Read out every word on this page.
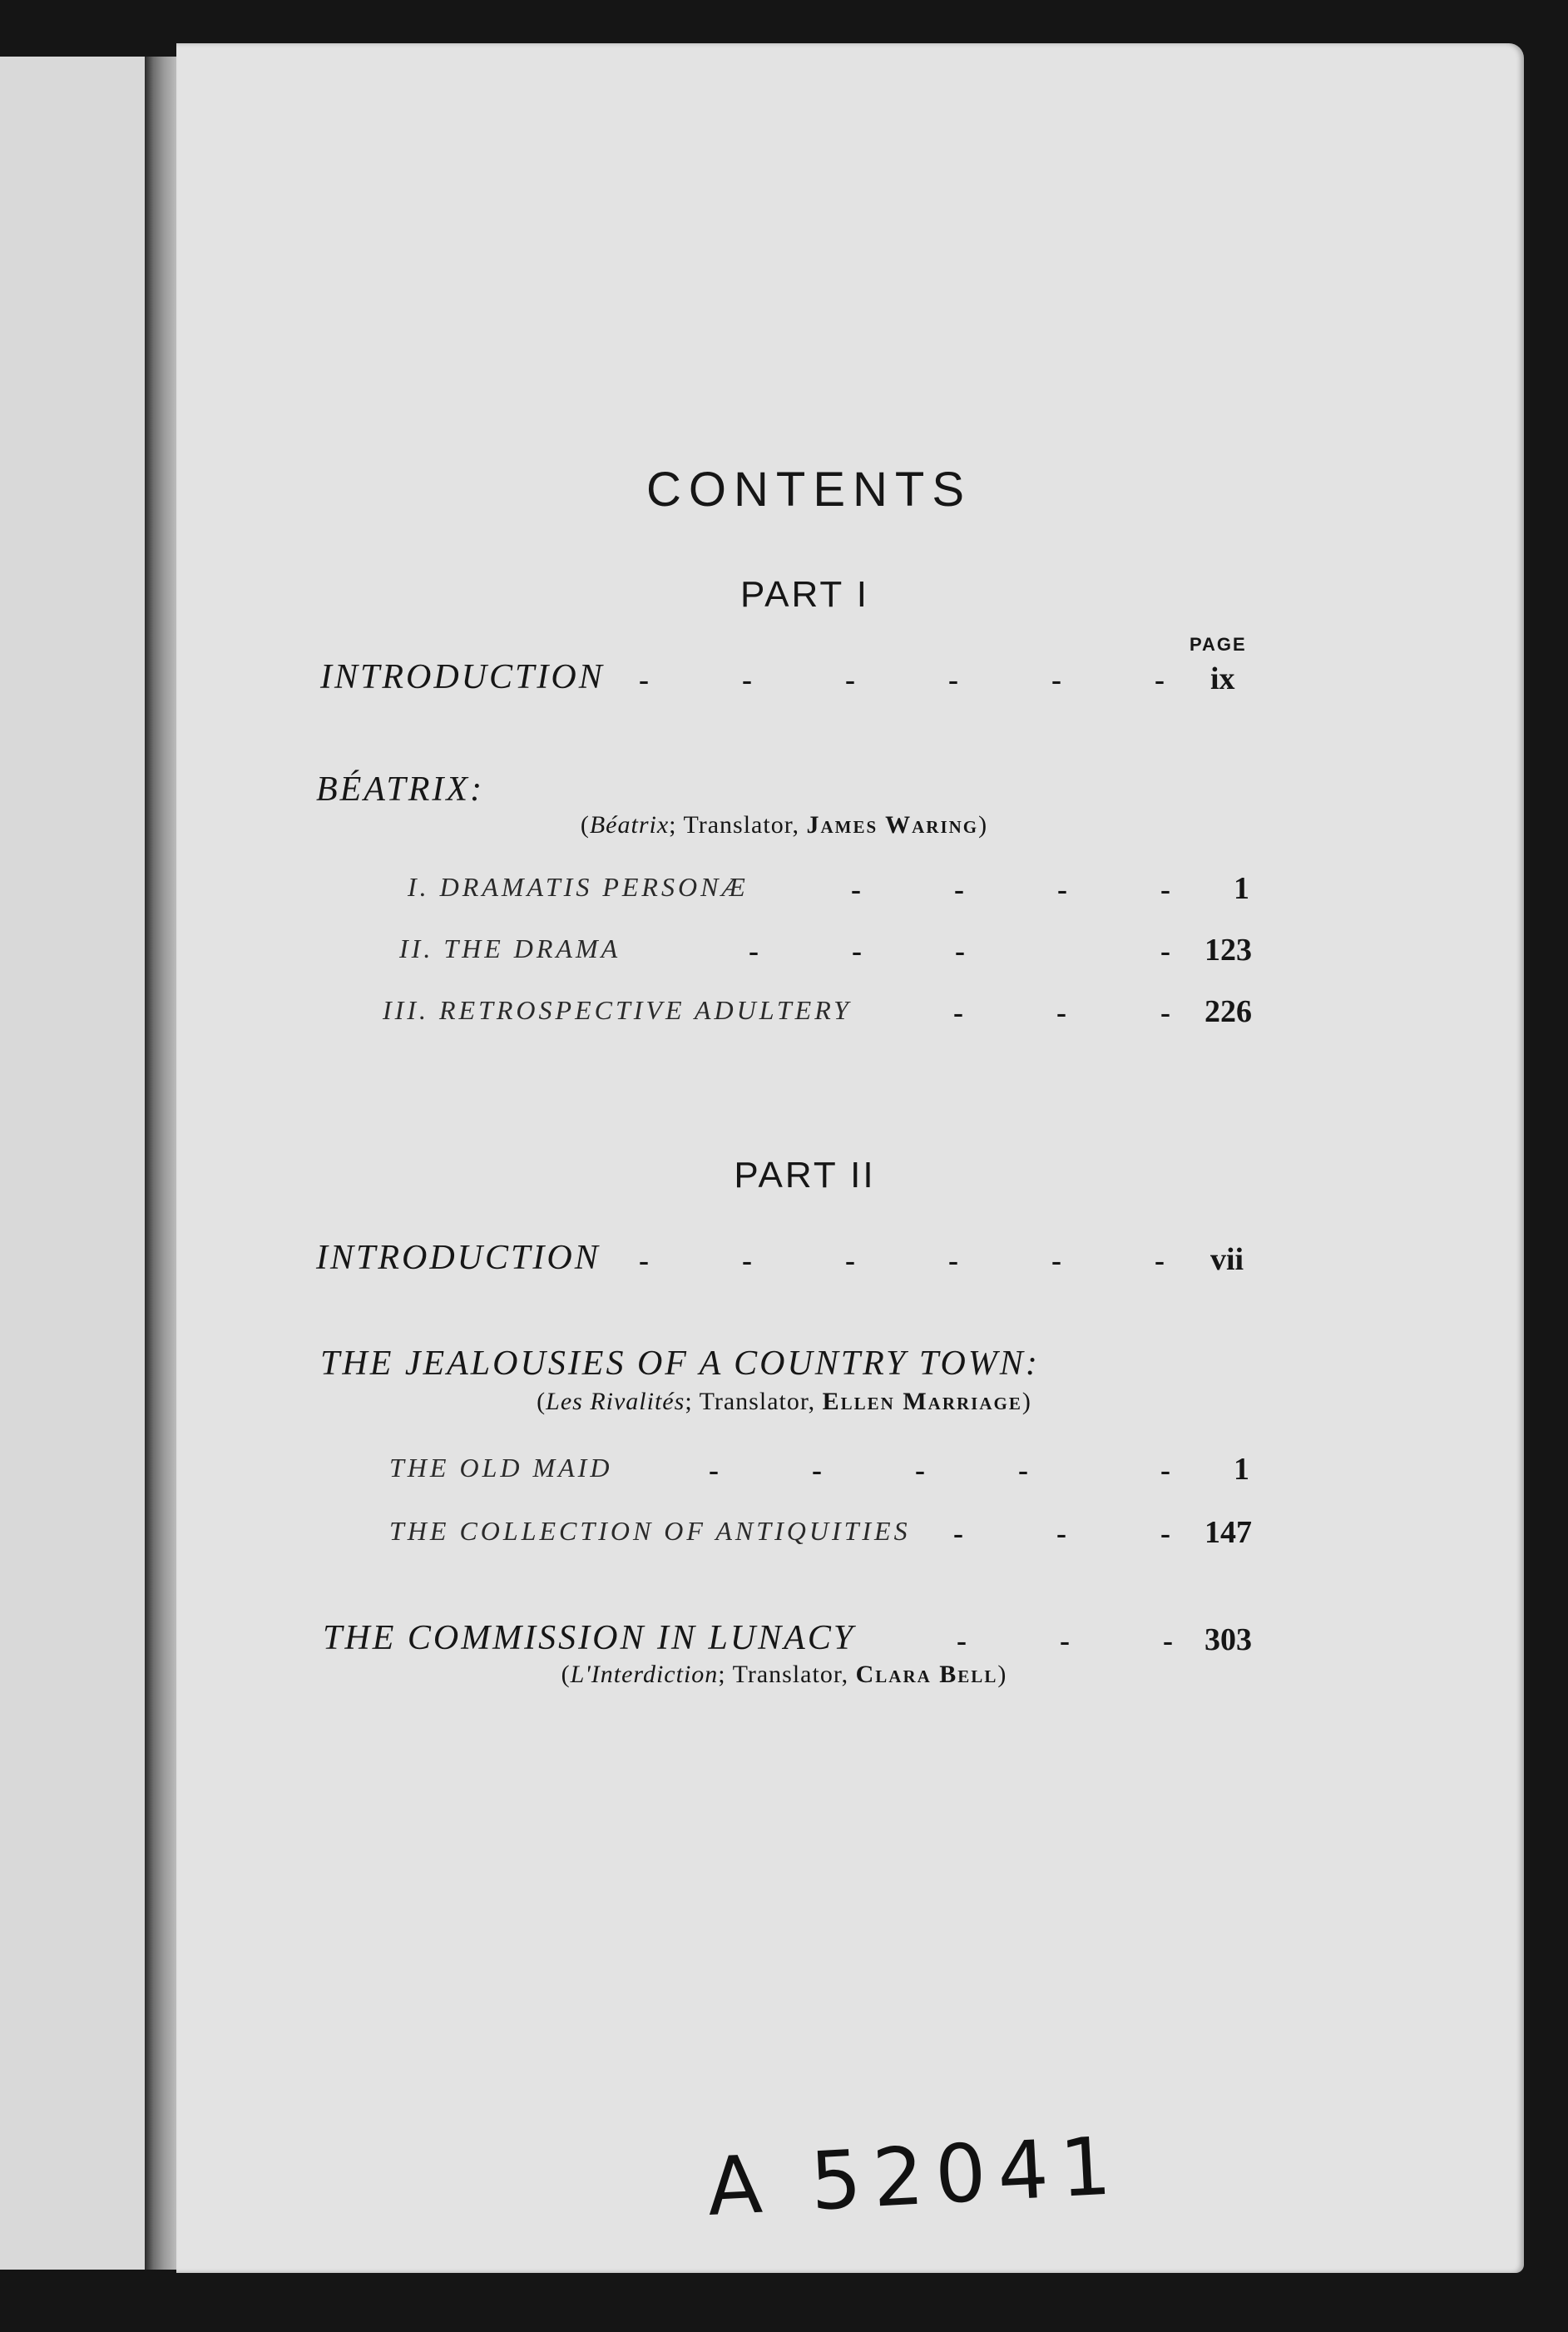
CONTENTS
PART I
PAGE
INTRODUCTION -	-	-	-	-	- ix
BÉATRIX:
(Béatrix; Translator, James Waring)
I. DRAMATIS PERSONÆ	-	-	-	- 1
II. THE DRAMA	-	-	-	- 123
III. RETROSPECTIVE ADULTERY	-	-	- 226
PART II
INTRODUCTION -	-	-	-	-	- vii
THE JEALOUSIES OF A COUNTRY TOWN:
(Les Rivalités; Translator, Ellen Marriage)
THE OLD MAID	-	-	-	-	- 1
THE COLLECTION OF ANTIQUITIES -	-	- 147
THE COMMISSION IN LUNACY	-	-	- 303
(L'Interdiction; Translator, Clara Bell)
A 52041
